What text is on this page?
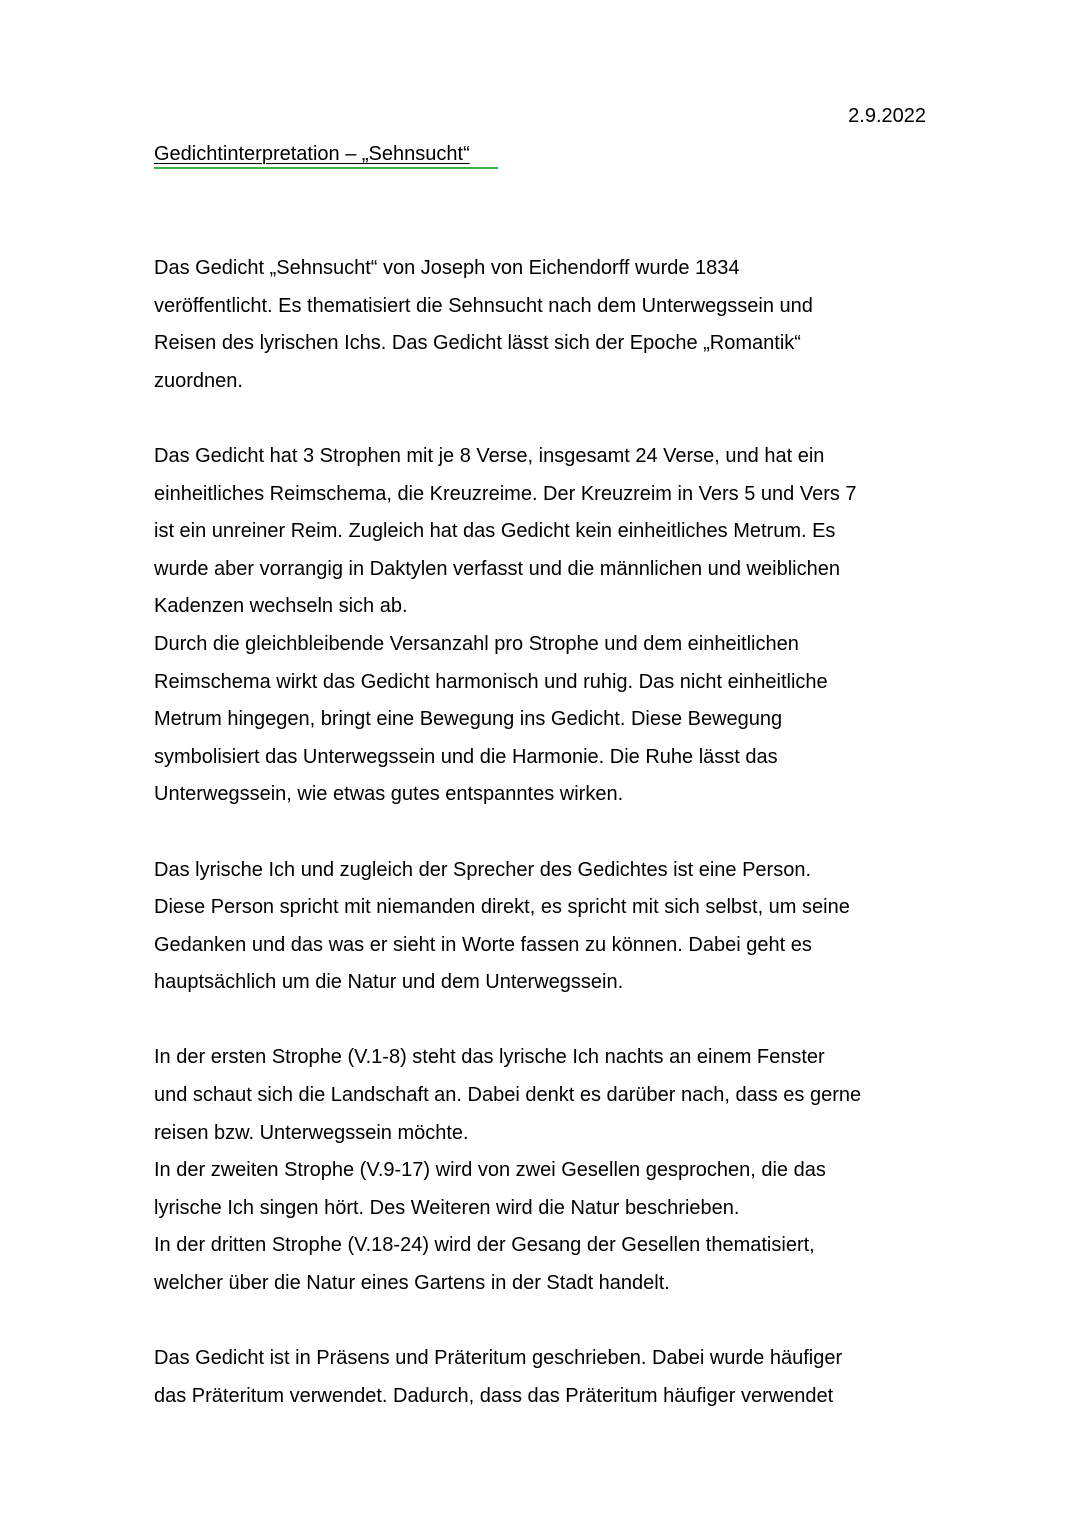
2.9.2022
Gedichtinterpretation – „Sehnsucht“

Das Gedicht „Sehnsucht“ von Joseph von Eichendorff wurde 1834
veröffentlicht. Es thematisiert die Sehnsucht nach dem Unterwegssein und
Reisen des lyrischen Ichs. Das Gedicht lässt sich der Epoche „Romantik“
zuordnen.

Das Gedicht hat 3 Strophen mit je 8 Verse, insgesamt 24 Verse, und hat ein
einheitliches Reimschema, die Kreuzreime. Der Kreuzreim in Vers 5 und Vers 7
ist ein unreiner Reim. Zugleich hat das Gedicht kein einheitliches Metrum. Es
wurde aber vorrangig in Daktylen verfasst und die männlichen und weiblichen
Kadenzen wechseln sich ab.

Durch die gleichbleibende Versanzahl pro Strophe und dem einheitlichen
Reimschema wirkt das Gedicht harmonisch und ruhig. Das nicht einheitliche
Metrum hingegen, bringt eine Bewegung ins Gedicht. Diese Bewegung
symbolisiert das Unterwegssein und die Harmonie. Die Ruhe lässt das
Unterwegssein, wie etwas gutes entspanntes wirken.

Das lyrische Ich und zugleich der Sprecher des Gedichtes ist eine Person.
Diese Person spricht mit niemanden direkt, es spricht mit sich selbst, um seine
Gedanken und das was er sieht in Worte fassen zu können. Dabei geht es
hauptsächlich um die Natur und dem Unterwegssein.

In der ersten Strophe (V.1-8) steht das lyrische Ich nachts an einem Fenster
und schaut sich die Landschaft an. Dabei denkt es darüber nach, dass es gerne
reisen bzw. Unterwegssein möchte.

In der zweiten Strophe (V.9-17) wird von zwei Gesellen gesprochen, die das
lyrische Ich singen hört. Des Weiteren wird die Natur beschrieben.

In der dritten Strophe (V.18-24) wird der Gesang der Gesellen thematisiert,
welcher über die Natur eines Gartens in der Stadt handelt.

Das Gedicht ist in Präsens und Präteritum geschrieben. Dabei wurde häufiger
das Präteritum verwendet. Dadurch, dass das Präteritum häufiger verwendet
